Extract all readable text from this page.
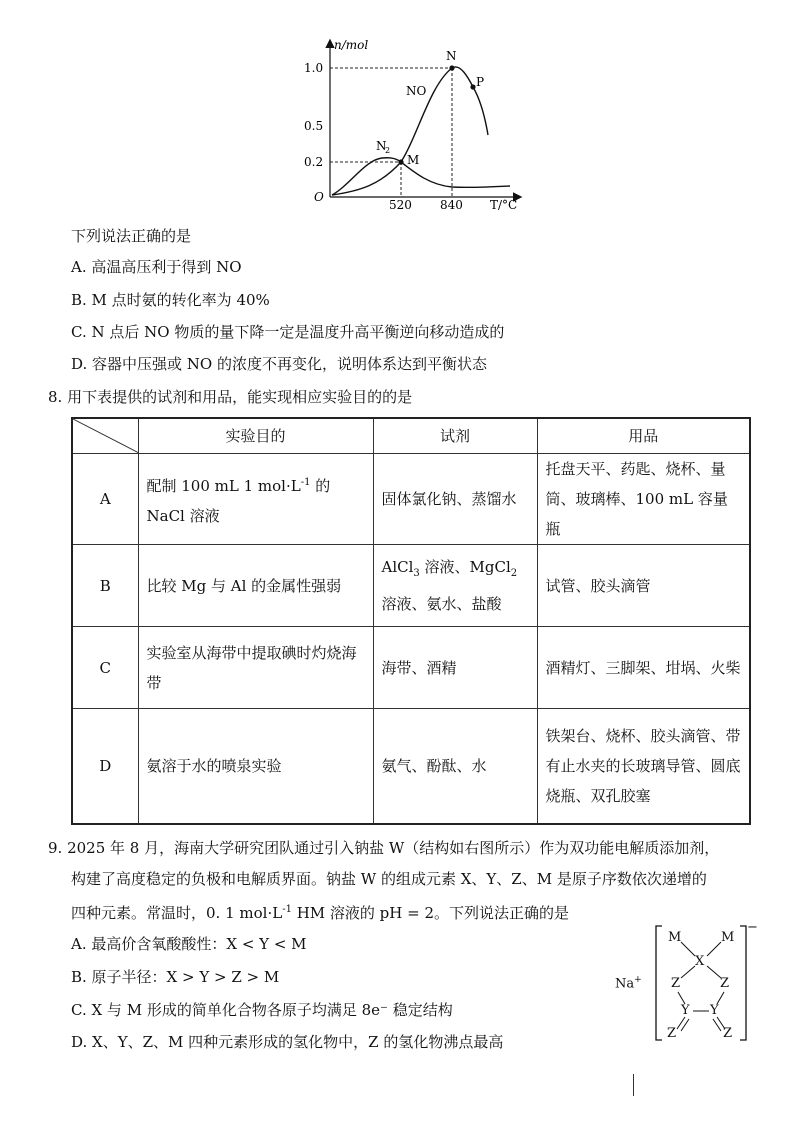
n/mol
T/°C
O
1.0
0.5
0.2
520 840
N
2
NO
M
N
P
下列说法正确的是
A. 高温高压利于得到 NO
B. M 点时氨的转化率为 40%
C. N 点后 NO 物质的量下降一定是温度升高平衡逆向移动造成的
D. 容器中压强或 NO 的浓度不再变化，说明体系达到平衡状态
8. 用下表提供的试剂和用品，能实现相应实验目的的是
	实验目的	试剂	用品
A	配制 100 mL 1 $mol\cdot L^{-1}$ 的
NaCl 溶液	固体氯化钠、蒸馏水	托盘天平、药匙、烧杯、量筒、玻璃棒、100 mL 容量瓶
B	比较 Mg 与 Al 的金属性强弱	AlCl$_3$ 溶液、MgCl$_2$ 溶液、氨水、盐酸	试管、胶头滴管
C	实验室从海带中提取碘时灼烧海带	海带、酒精	酒精灯、三脚架、坩埚、火柴
D	氨溶于水的喷泉实验	氨气、酚酞、水	铁架台、烧杯、胶头滴管、带有止水夹的长玻璃导管、圆底烧瓶、双孔胶塞
9. 2025 年 8 月，海南大学研究团队通过引入钠盐 W（结构如右图所示）作为双功能电解质添加剂，
构建了高度稳定的负极和电解质界面。钠盐 W 的组成元素 X、Y、Z、M 是原子序数依次递增的
四种元素。常温时，0. 1 $mol\cdot L^{-1}$ HM 溶液的 pH = 2。下列说法正确的是
A. 最高价含氧酸酸性：X < Y < M
B. 原子半径：X > Y > Z > M
C. X 与 M 形成的简单化合物各原子均满足 8e⁻ 稳定结构
D. X、Y、Z、M 四种元素形成的氢化物中，Z 的氢化物沸点最高
Na+
−
M	M
X
Z	Z
Y Y
Z	Z
